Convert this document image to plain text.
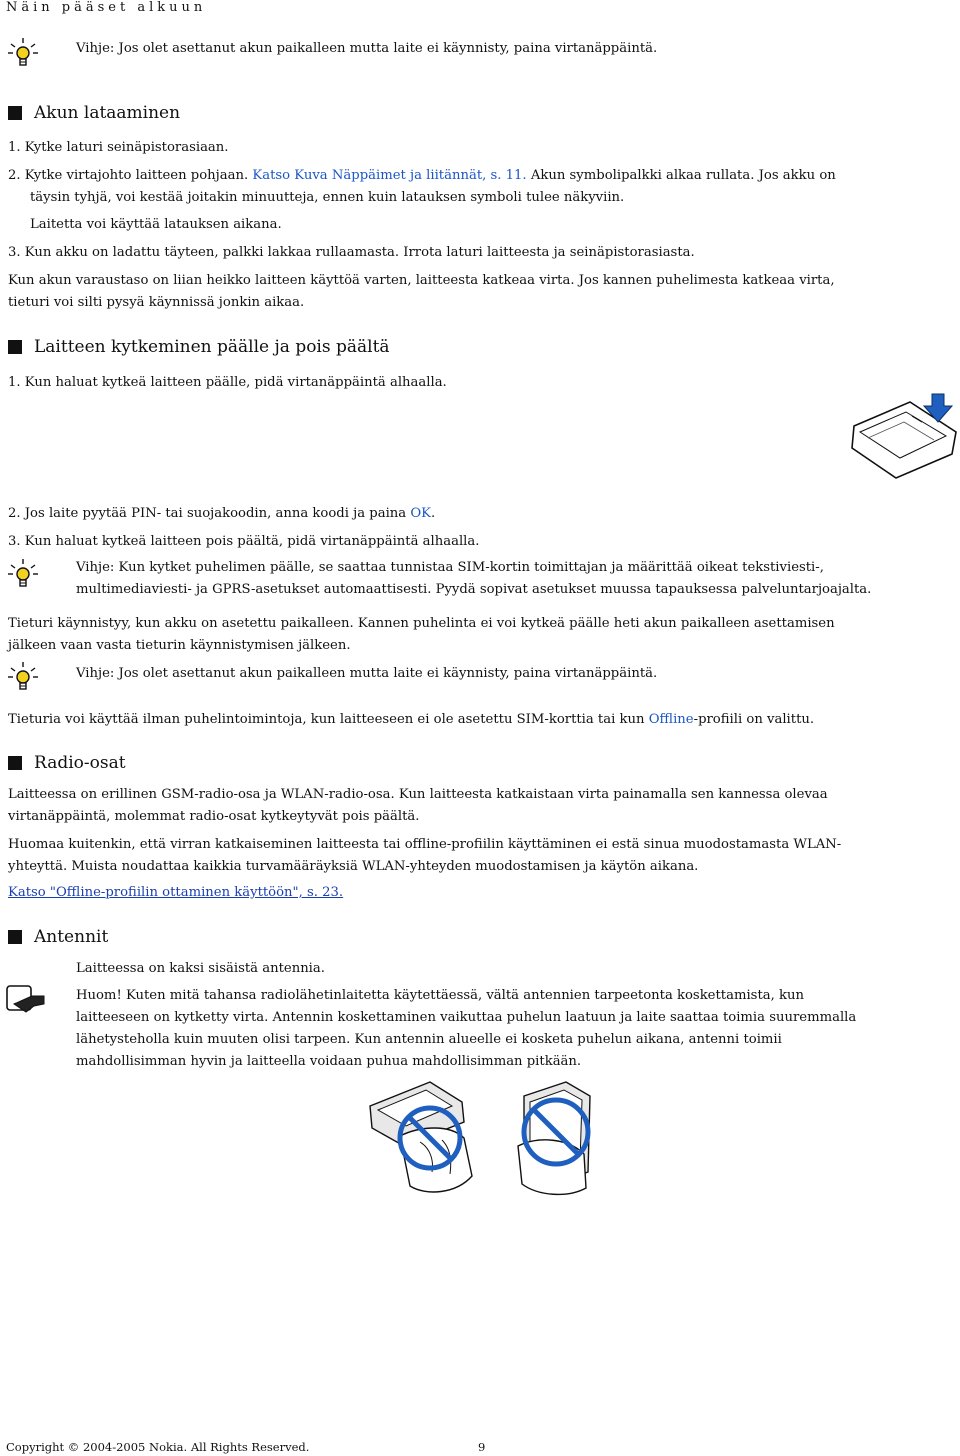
Näin pääset alkuun
Vihje: Jos olet asettanut akun paikalleen mutta laite ei käynnisty, paina virtanäppäintä.
Akun lataaminen
1. Kytke laturi seinäpistorasiaan.
2. Kytke virtajohto laitteen pohjaan. Katso Kuva Näppäimet ja liitännät, s. 11. Akun symbolipalkki alkaa rullata. Jos akku on
täysin tyhjä, voi kestää joitakin minuutteja, ennen kuin latauksen symboli tulee näkyviin.
Laitetta voi käyttää latauksen aikana.
3. Kun akku on ladattu täyteen, palkki lakkaa rullaamasta. Irrota laturi laitteesta ja seinäpistorasiasta.
Kun akun varaustaso on liian heikko laitteen käyttöä varten, laitteesta katkeaa virta. Jos kannen puhelimesta katkeaa virta,
tieturi voi silti pysyä käynnissä jonkin aikaa.
Laitteen kytkeminen päälle ja pois päältä
1. Kun haluat kytkeä laitteen päälle, pidä virtanäppäintä alhaalla.
2. Jos laite pyytää PIN- tai suojakoodin, anna koodi ja paina OK.
3. Kun haluat kytkeä laitteen pois päältä, pidä virtanäppäintä alhaalla.
Vihje: Kun kytket puhelimen päälle, se saattaa tunnistaa SIM-kortin toimittajan ja määrittää oikeat tekstiviesti-,
multimediaviesti- ja GPRS-asetukset automaattisesti. Pyydä sopivat asetukset muussa tapauksessa palveluntarjoajalta.
Tieturi käynnistyy, kun akku on asetettu paikalleen. Kannen puhelinta ei voi kytkeä päälle heti akun paikalleen asettamisen
jälkeen vaan vasta tieturin käynnistymisen jälkeen.
Vihje: Jos olet asettanut akun paikalleen mutta laite ei käynnisty, paina virtanäppäintä.
Tieturia voi käyttää ilman puhelintoimintoja, kun laitteeseen ei ole asetettu SIM-korttia tai kun Offline-profiili on valittu.
Radio-osat
Laitteessa on erillinen GSM-radio-osa ja WLAN-radio-osa. Kun laitteesta katkaistaan virta painamalla sen kannessa olevaa
virtanäppäintä, molemmat radio-osat kytkeytyvät pois päältä.
Huomaa kuitenkin, että virran katkaiseminen laitteesta tai offline-profiilin käyttäminen ei estä sinua muodostamasta WLAN-
yhteyttä. Muista noudattaa kaikkia turvamääräyksiä WLAN-yhteyden muodostamisen ja käytön aikana.
Katso "Offline-profiilin ottaminen käyttöön", s. 23.
Antennit
Laitteessa on kaksi sisäistä antennia.
Huom! Kuten mitä tahansa radiolähetinlaitetta käytettäessä, vältä antennien tarpeetonta koskettamista, kun
laitteeseen on kytketty virta. Antennin koskettaminen vaikuttaa puhelun laatuun ja laite saattaa toimia suuremmalla
lähetysteholla kuin muuten olisi tarpeen. Kun antennin alueelle ei kosketa puhelun aikana, antenni toimii
mahdollisimman hyvin ja laitteella voidaan puhua mahdollisimman pitkään.
Copyright © 2004-2005 Nokia. All Rights Reserved.	9
